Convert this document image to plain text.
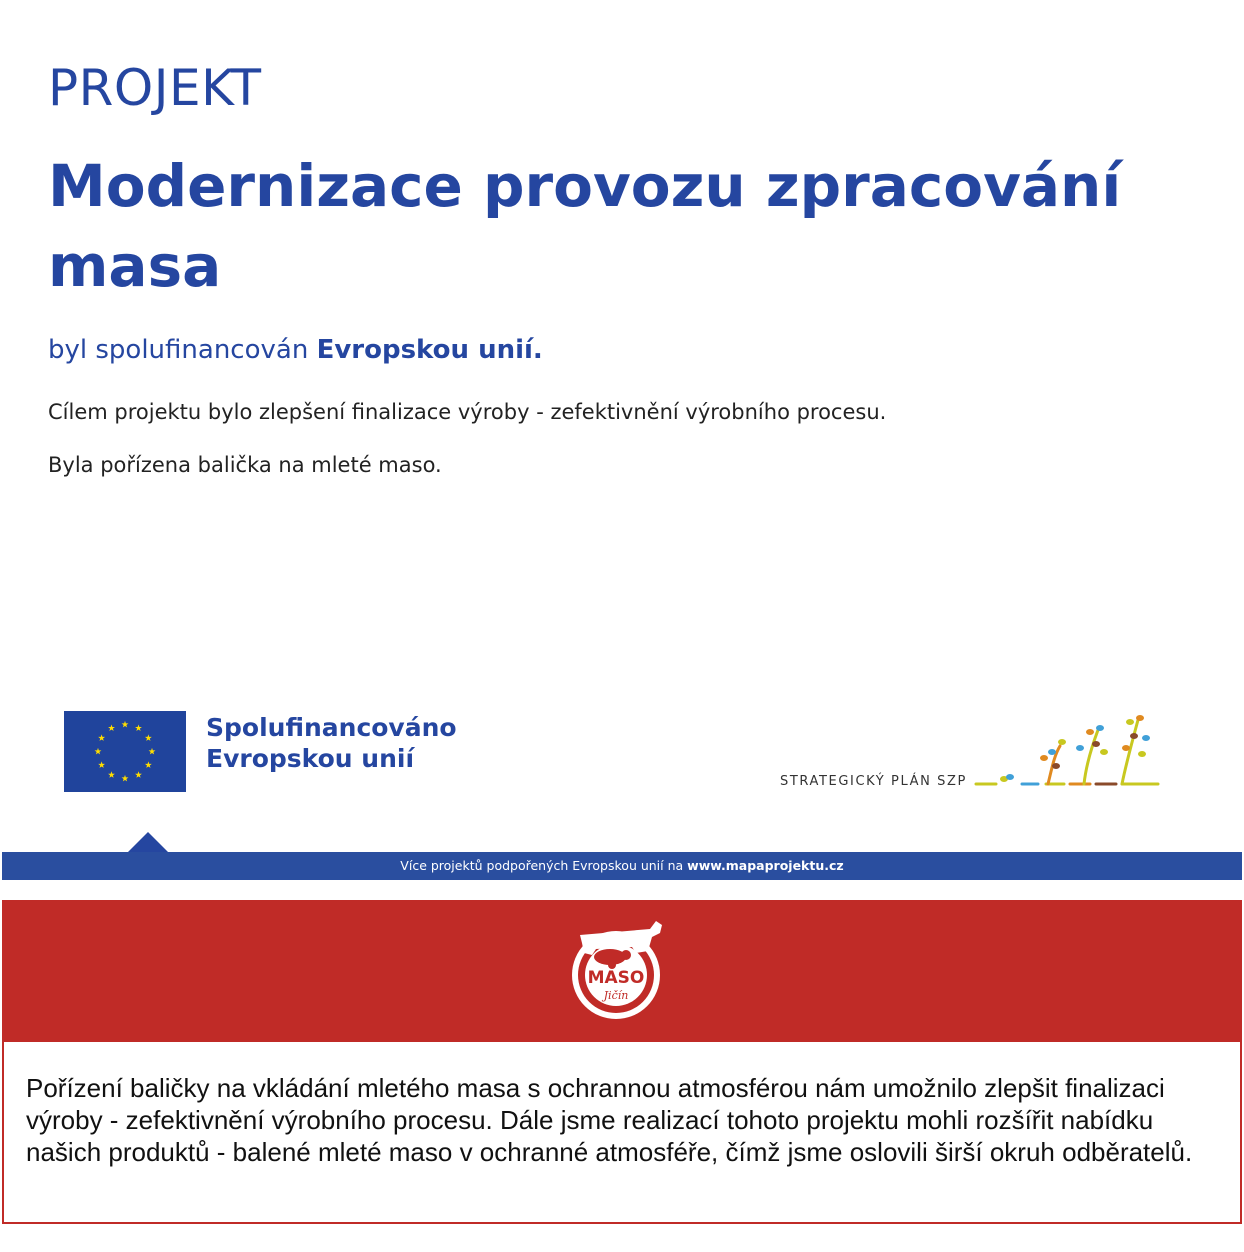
PROJEKT
Modernizace provozu zpracování masa
byl spolufinancován Evropskou unií.
Cílem projektu bylo zlepšení finalizace výroby - zefektivnění výrobního procesu.
Byla pořízena balička na mleté maso.
Spolufinancováno
Evropskou unií
STRATEGICKÝ PLÁN SZP
Více projektů podpořených Evropskou unií na www.mapaprojektu.cz
MASO
Jičín
Pořízení baličky na vkládání mletého masa s ochrannou atmosférou nám umožnilo zlepšit finalizaci výroby - zefektivnění výrobního procesu. Dále jsme realizací tohoto projektu mohli rozšířit nabídku našich produktů - balené mleté maso v ochranné atmosféře, čímž jsme oslovili širší okruh odběratelů.
